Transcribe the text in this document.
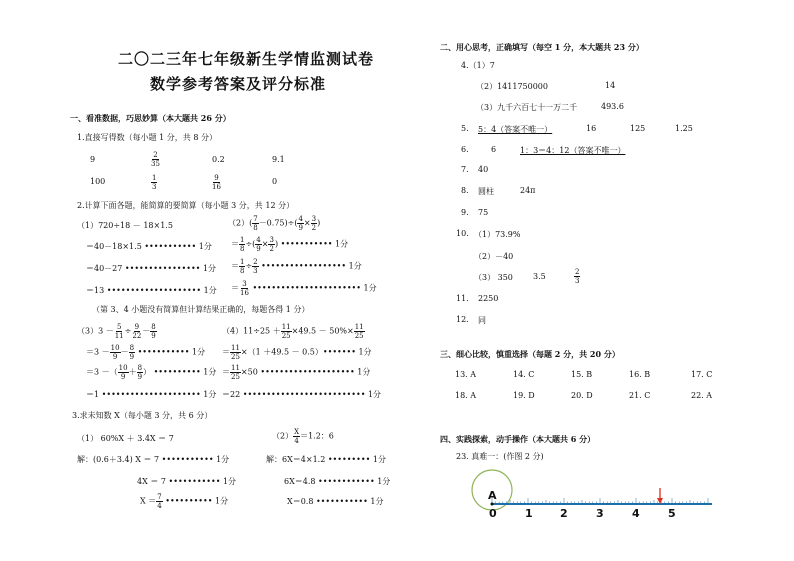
二〇二三年七年级新生学情监测试卷
数学参考答案及评分标准
一、看准数据，巧思妙算（本大题共 26 分）
1.直接写得数（每小题 1 分，共 8 分）
9	$\frac{2}{35}$	0.2	9.1
100	$\frac{1}{3}$	$\frac{9}{16}$	0
2.计算下面各题，能简算的要简算（每小题 3 分，共 12 分）
（1）720÷18 － 18×1.5
＝40－18×1.5 ••••••••••• 1分
＝40－27 •••••••••••••••• 1分
＝13 •••••••••••••••••••• 1分
$(2)( \frac{7}{8} -0.75)\div( \frac{4}{9} \times \frac{3}{2}$ )
＝ $\frac{1}{8}$ ÷( $\frac{4}{9} \times \frac{3}{2}$ ) ••••••••••• 1分
＝ $\frac{1}{8} \div \frac{2}{3}$ •••••••••••••••••• 1分
＝ $\frac{3}{16}$ ••••••••••••••••••••••• 1分
（第 3、4 小题没有简算但计算结果正确的，每题各得 1 分）
$(3)3 - \frac{5}{11} \div \frac{9}{22} - \frac{8}{9}$
$=3 - \frac{10}{9} - \frac{8}{9}$ ••••••••••• 1分
＝3 －（ $\frac{10}{9} + \frac{8}{9}$ ） •••••••••• 1分
＝1 ••••••••••••••••••••• 1分
$(4)11\div 25 + \frac{11}{25} \times 49.5 - 50\%\times \frac{11}{25}$
＝ $\frac{11}{25} \times(1 +49.5$ － 0.5）••••••• 1分
＝ $\frac{11}{25} \times 50$ •••••••••••••••••••• 1分
＝22 •••••••••••••••••••••••••• 1分
3.求未知数 X（每小题 3 分，共 6 分）
（1） 60%X ＋ 3.4X ＝ 7
解：(0.6＋3.4) X ＝ 7 ••••••••••• 1分
4X ＝ 7 ••••••••••• 1分
$X = \frac{7}{4}$ •••••••••• 1分
$(2) \frac{X}{4} =1.2$：6
解：6X＝4×1.2 ••••••••• 1分
6X＝4.8 •••••••••••• 1分
X＝0.8 ••••••••••• 1分
二、用心思考，正确填写（每空 1 分，本大题共 23 分）
4.（1）7
（2）1411750000	14
（3）九千六百七十一万二千	493.6
5. 5：4（答案不唯一）	16	125	1.25
6.	6	1：3＝4：12（答案不唯一）
7. 40
8. 圆柱	24π
9. 75
10. （1）73.9%
（2）－40
（3） 350	3.5	$\frac{2}{3}$
11. 2250
12. 同
三、细心比较，慎重选择（每题 2 分，共 20 分）
13. A	14. C	15. B	16. B	17. C
18. A	19. D	20. D	21. C	22. A
四、实践探索，动手操作（本大题共 6 分）
23. 真难一：(作图 2 分)
A
0	1 2	3	4	5
